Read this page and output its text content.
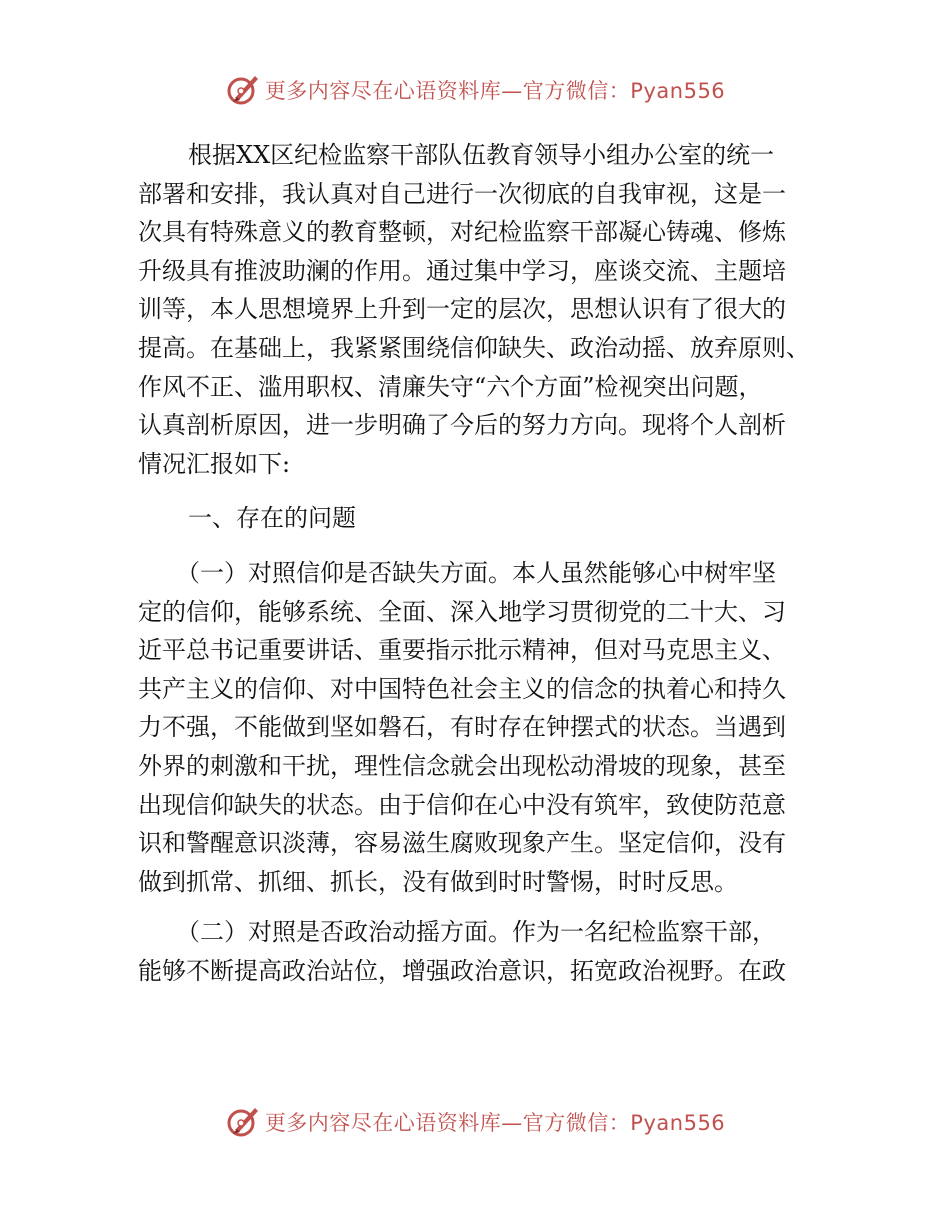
更多内容尽在心语资料库—官方微信：Pyan556
根据XX区纪检监察干部队伍教育领导小组办公室的统一
部署和安排，我认真对自己进行一次彻底的自我审视，这是一
次具有特殊意义的教育整顿，对纪检监察干部凝心铸魂、修炼
升级具有推波助澜的作用。通过集中学习，座谈交流、主题培
训等，本人思想境界上升到一定的层次，思想认识有了很大的
提高。在基础上，我紧紧围绕信仰缺失、政治动摇、放弃原则、
作风不正、滥用职权、清廉失守“六个方面”检视突出问题，
认真剖析原因，进一步明确了今后的努力方向。现将个人剖析
情况汇报如下:
一、存在的问题
（一）对照信仰是否缺失方面。本人虽然能够心中树牢坚
定的信仰，能够系统、全面、深入地学习贯彻党的二十大、习
近平总书记重要讲话、重要指示批示精神，但对马克思主义、
共产主义的信仰、对中国特色社会主义的信念的执着心和持久
力不强，不能做到坚如磐石，有时存在钟摆式的状态。当遇到
外界的刺激和干扰，理性信念就会出现松动滑坡的现象，甚至
出现信仰缺失的状态。由于信仰在心中没有筑牢，致使防范意
识和警醒意识淡薄，容易滋生腐败现象产生。坚定信仰，没有
做到抓常、抓细、抓长，没有做到时时警惕，时时反思。
（二）对照是否政治动摇方面。作为一名纪检监察干部，
能够不断提高政治站位，增强政治意识，拓宽政治视野。在政
更多内容尽在心语资料库—官方微信：Pyan556
